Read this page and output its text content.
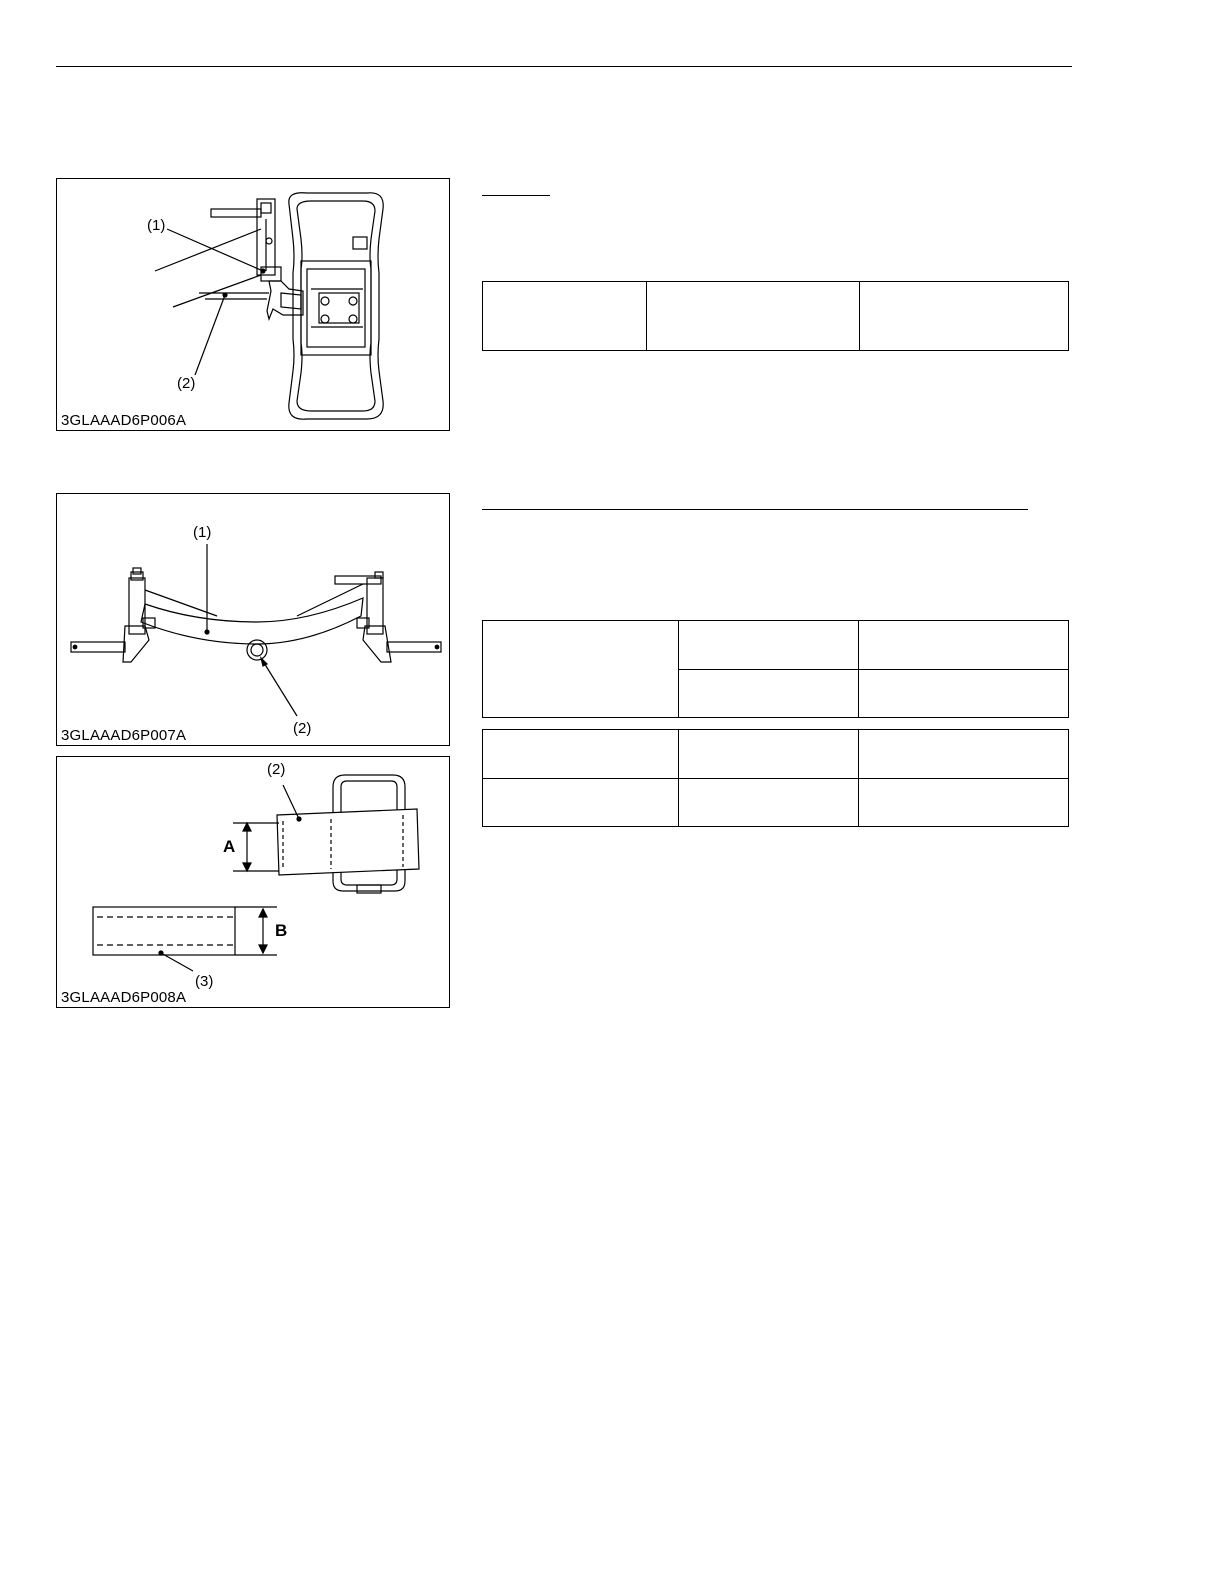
(1)
(2)
3GLAAAD6P006A

(1)
(2)
3GLAAAD6P007A
(2)
(3)
A
B
3GLAAAD6P008A
